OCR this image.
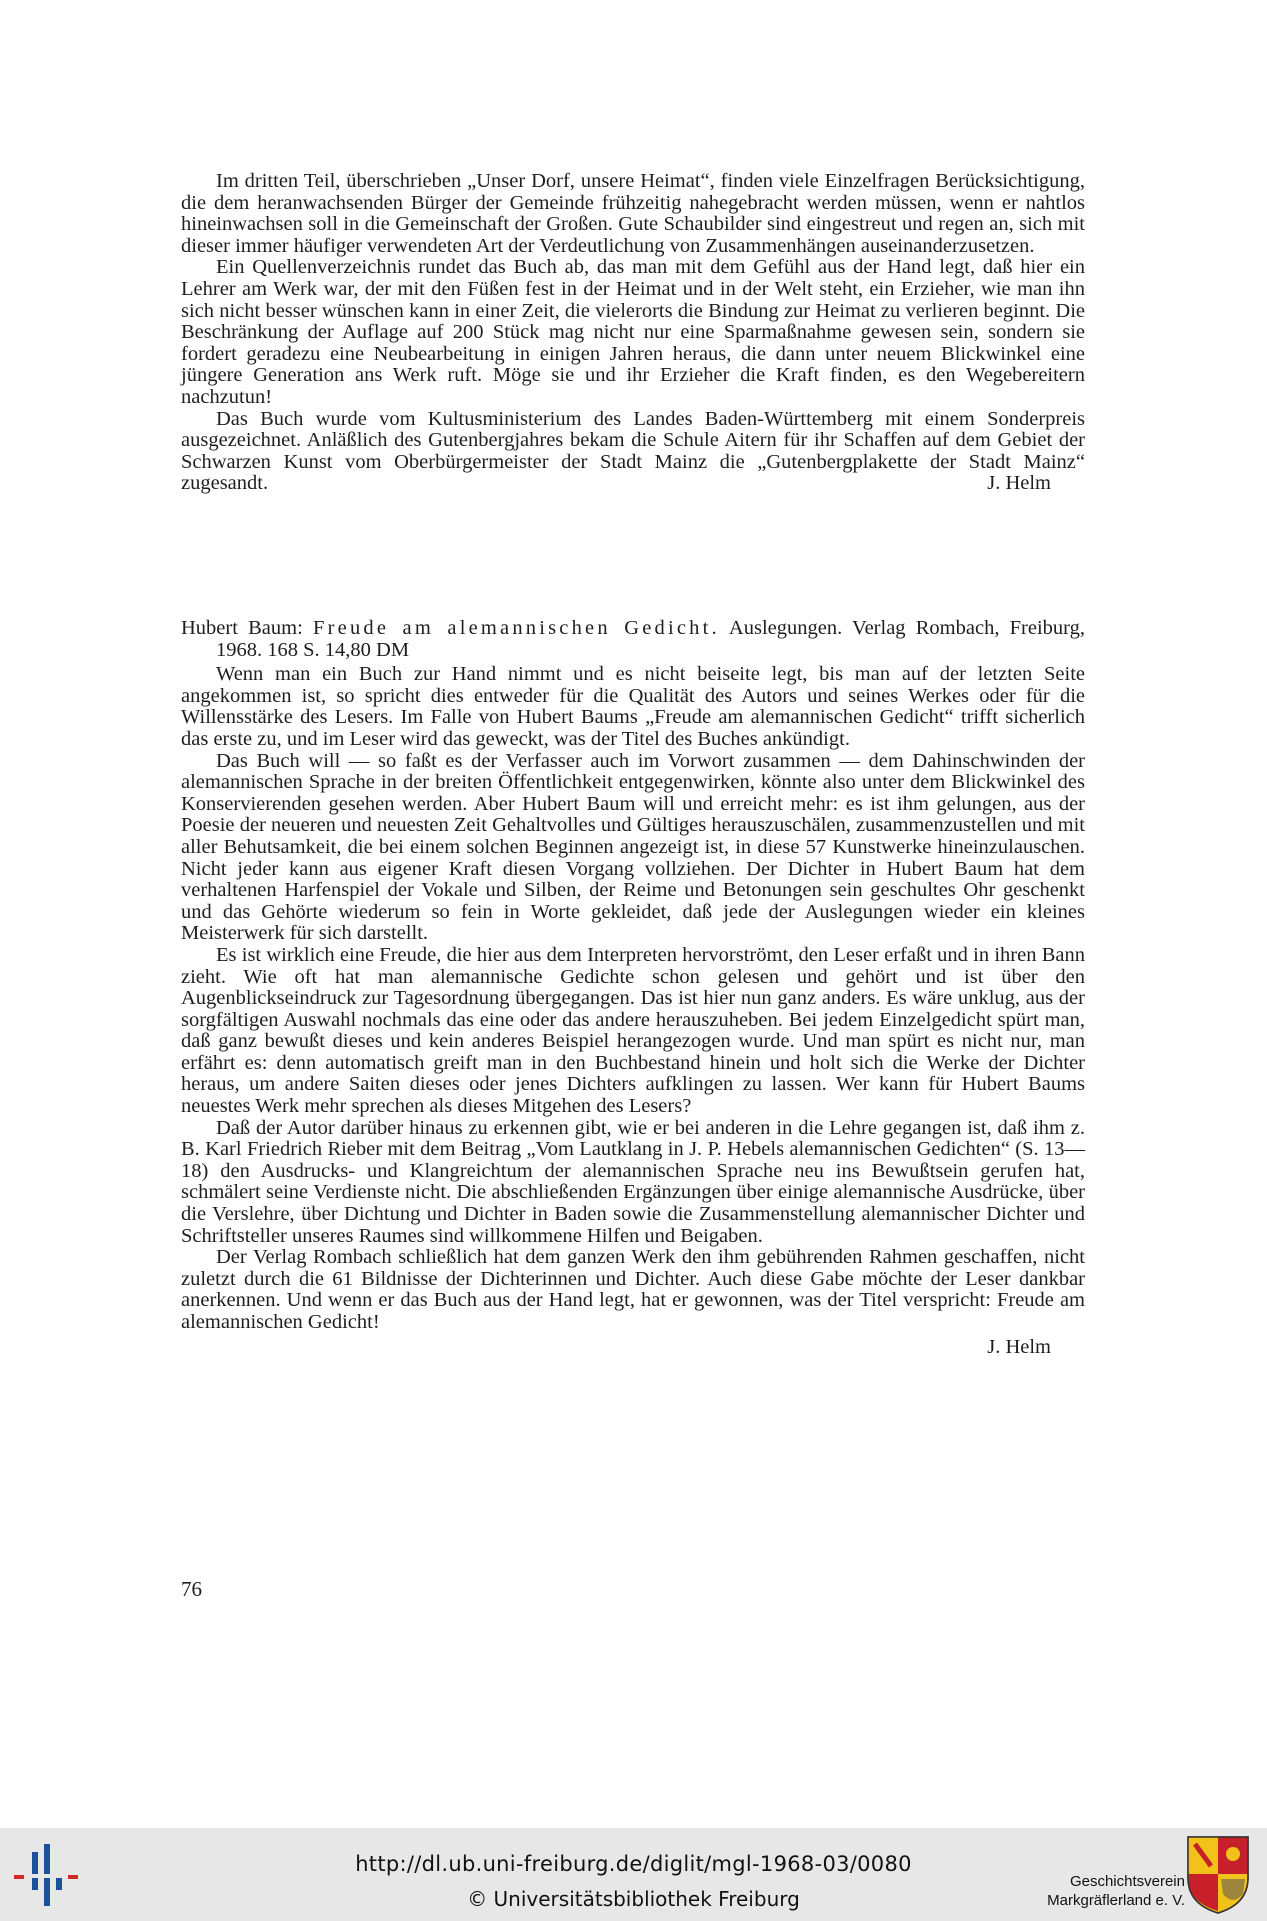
Im dritten Teil, überschrieben „Unser Dorf, unsere Heimat“, finden viele Einzelfragen Berücksichtigung, die dem heranwachsenden Bürger der Gemeinde frühzeitig nahegebracht werden müssen, wenn er nahtlos hineinwachsen soll in die Gemeinschaft der Großen. Gute Schaubilder sind eingestreut und regen an, sich mit dieser immer häufiger verwendeten Art der Verdeutlichung von Zusammenhängen auseinanderzusetzen.

Ein Quellenverzeichnis rundet das Buch ab, das man mit dem Gefühl aus der Hand legt, daß hier ein Lehrer am Werk war, der mit den Füßen fest in der Heimat und in der Welt steht, ein Erzieher, wie man ihn sich nicht besser wünschen kann in einer Zeit, die vielerorts die Bindung zur Heimat zu verlieren beginnt. Die Beschränkung der Auflage auf 200 Stück mag nicht nur eine Sparmaßnahme gewesen sein, sondern sie fordert geradezu eine Neubearbeitung in einigen Jahren heraus, die dann unter neuem Blickwinkel eine jüngere Generation ans Werk ruft. Möge sie und ihr Erzieher die Kraft finden, es den Wegebereitern nachzutun!

Das Buch wurde vom Kultusministerium des Landes Baden-Württemberg mit einem Sonderpreis ausgezeichnet. Anläßlich des Gutenbergjahres bekam die Schule Aitern für ihr Schaffen auf dem Gebiet der Schwarzen Kunst vom Oberbürgermeister der Stadt Mainz die „Gutenbergplakette der Stadt Mainz“ zugesandt.	J. Helm

Hubert Baum: Freude am alemannischen Gedicht. Auslegungen. Verlag Rombach, Freiburg, 1968. 168 S. 14,80 DM

Wenn man ein Buch zur Hand nimmt und es nicht beiseite legt, bis man auf der letzten Seite angekommen ist, so spricht dies entweder für die Qualität des Autors und seines Werkes oder für die Willensstärke des Lesers. Im Falle von Hubert Baums „Freude am alemannischen Gedicht“ trifft sicherlich das erste zu, und im Leser wird das geweckt, was der Titel des Buches ankündigt.

Das Buch will — so faßt es der Verfasser auch im Vorwort zusammen — dem Dahinschwinden der alemannischen Sprache in der breiten Öffentlichkeit entgegenwirken, könnte also unter dem Blickwinkel des Konservierenden gesehen werden. Aber Hubert Baum will und erreicht mehr: es ist ihm gelungen, aus der Poesie der neueren und neuesten Zeit Gehaltvolles und Gültiges herauszuschälen, zusammenzustellen und mit aller Behutsamkeit, die bei einem solchen Beginnen angezeigt ist, in diese 57 Kunstwerke hineinzulauschen. Nicht jeder kann aus eigener Kraft diesen Vorgang vollziehen. Der Dichter in Hubert Baum hat dem verhaltenen Harfenspiel der Vokale und Silben, der Reime und Betonungen sein geschultes Ohr geschenkt und das Gehörte wiederum so fein in Worte gekleidet, daß jede der Auslegungen wieder ein kleines Meisterwerk für sich darstellt.

Es ist wirklich eine Freude, die hier aus dem Interpreten hervorströmt, den Leser erfaßt und in ihren Bann zieht. Wie oft hat man alemannische Gedichte schon gelesen und gehört und ist über den Augenblickseindruck zur Tagesordnung übergegangen. Das ist hier nun ganz anders. Es wäre unklug, aus der sorgfältigen Auswahl nochmals das eine oder das andere herauszuheben. Bei jedem Einzelgedicht spürt man, daß ganz bewußt dieses und kein anderes Beispiel herangezogen wurde. Und man spürt es nicht nur, man erfährt es: denn automatisch greift man in den Buchbestand hinein und holt sich die Werke der Dichter heraus, um andere Saiten dieses oder jenes Dichters aufklingen zu lassen. Wer kann für Hubert Baums neuestes Werk mehr sprechen als dieses Mitgehen des Lesers?

Daß der Autor darüber hinaus zu erkennen gibt, wie er bei anderen in die Lehre gegangen ist, daß ihm z. B. Karl Friedrich Rieber mit dem Beitrag „Vom Lautklang in J. P. Hebels alemannischen Gedichten“ (S. 13—18) den Ausdrucks- und Klangreichtum der alemannischen Sprache neu ins Bewußtsein gerufen hat, schmälert seine Verdienste nicht. Die abschließenden Ergänzungen über einige alemannische Ausdrücke, über die Verslehre, über Dichtung und Dichter in Baden sowie die Zusammenstellung alemannischer Dichter und Schriftsteller unseres Raumes sind willkommene Hilfen und Beigaben.

Der Verlag Rombach schließlich hat dem ganzen Werk den ihm gebührenden Rahmen geschaffen, nicht zuletzt durch die 61 Bildnisse der Dichterinnen und Dichter. Auch diese Gabe möchte der Leser dankbar anerkennen. Und wenn er das Buch aus der Hand legt, hat er gewonnen, was der Titel verspricht: Freude am alemannischen Gedicht!

J. Helm
76
http://dl.ub.uni-freiburg.de/diglit/mgl-1968-03/0080
© Universitätsbibliothek Freiburg
Geschichtsverein
Markgräflerland e. V.
